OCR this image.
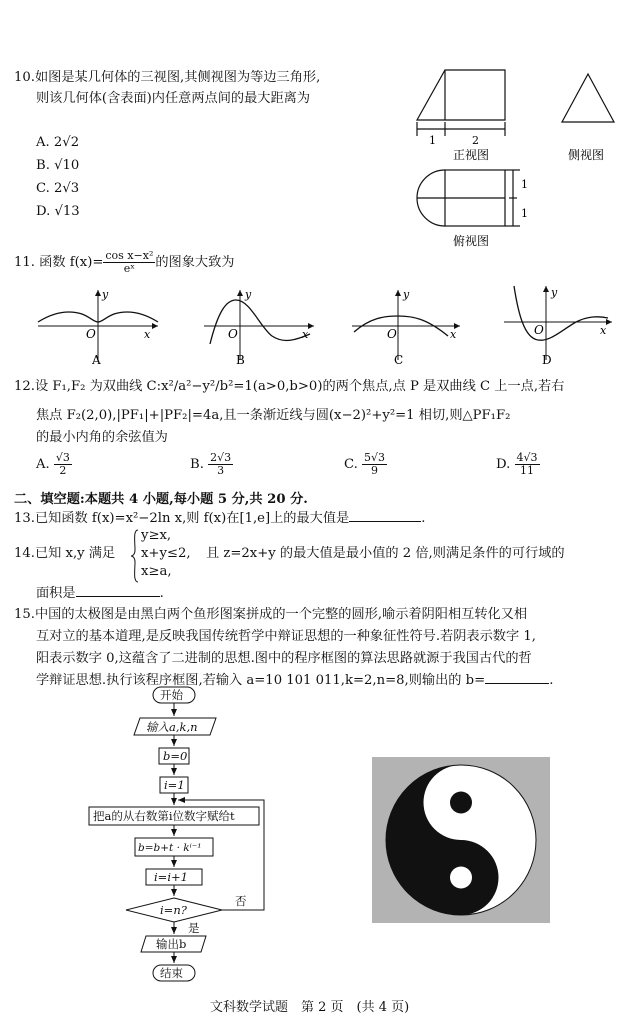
10.如图是某几何体的三视图,其侧视图为等边三角形,
则该几何体(含表面)内任意两点间的最大距离为
A. 2√2
B. √10
C. 2√3
D. √13
1	2
正视图	侧视图
1
1
俯视图
11. 函数 $f(x)= \frac{\text{cos x−x²}}{\text{eˣ}}$ 的图象大致为
O
y
x
A
O
y
x
B
O
y
x
C
O
y
x
D
12.设 F₁,F₂ 为双曲线 C:x²/a²−y²/b²=1(a>0,b>0)的两个焦点,点 P 是双曲线 C 上一点,若右
焦点 F₂(2,0),|PF₁|+|PF₂|=4a,且一条渐近线与圆(x−2)²+y²=1 相切,则△PF₁F₂
的最小内角的余弦值为
A. $\frac{√3}{2}$	B. $\frac{2√3}{3}$	C. $\frac{5√3}{9}$	D. $\frac{4√3}{11}$
二、填空题:本题共 4 小题,每小题 5 分,共 20 分.
13.已知函数 f(x)=x²−2ln x,则 f(x)在[1,e]上的最大值是	.
14.已知 x,y 满足
y≥x,
x+y≤2,
x≥a,
且 z=2x+y 的最大值是最小值的 2 倍,则满足条件的可行域的
面积是	.
15.中国的太极图是由黑白两个鱼形图案拼成的一个完整的圆形,喻示着阴阳相互转化又相
互对立的基本道理,是反映我国传统哲学中辩证思想的一种象征性符号.若阴表示数字 1,
阳表示数字 0,这蕴含了二进制的思想.图中的程序框图的算法思路就源于我国古代的哲
学辩证思想.执行该程序框图,若输入 a=10 101 011,k=2,n=8,则输出的 b=	.
开始
输入a,k,n
b=0
i=1
把a的从右数第i位数字赋给t
b=b+t · kⁱ⁻¹
i=i+1
i=n?
是
否
输出b
结束
文科数学试题　第 2 页　(共 4 页)
